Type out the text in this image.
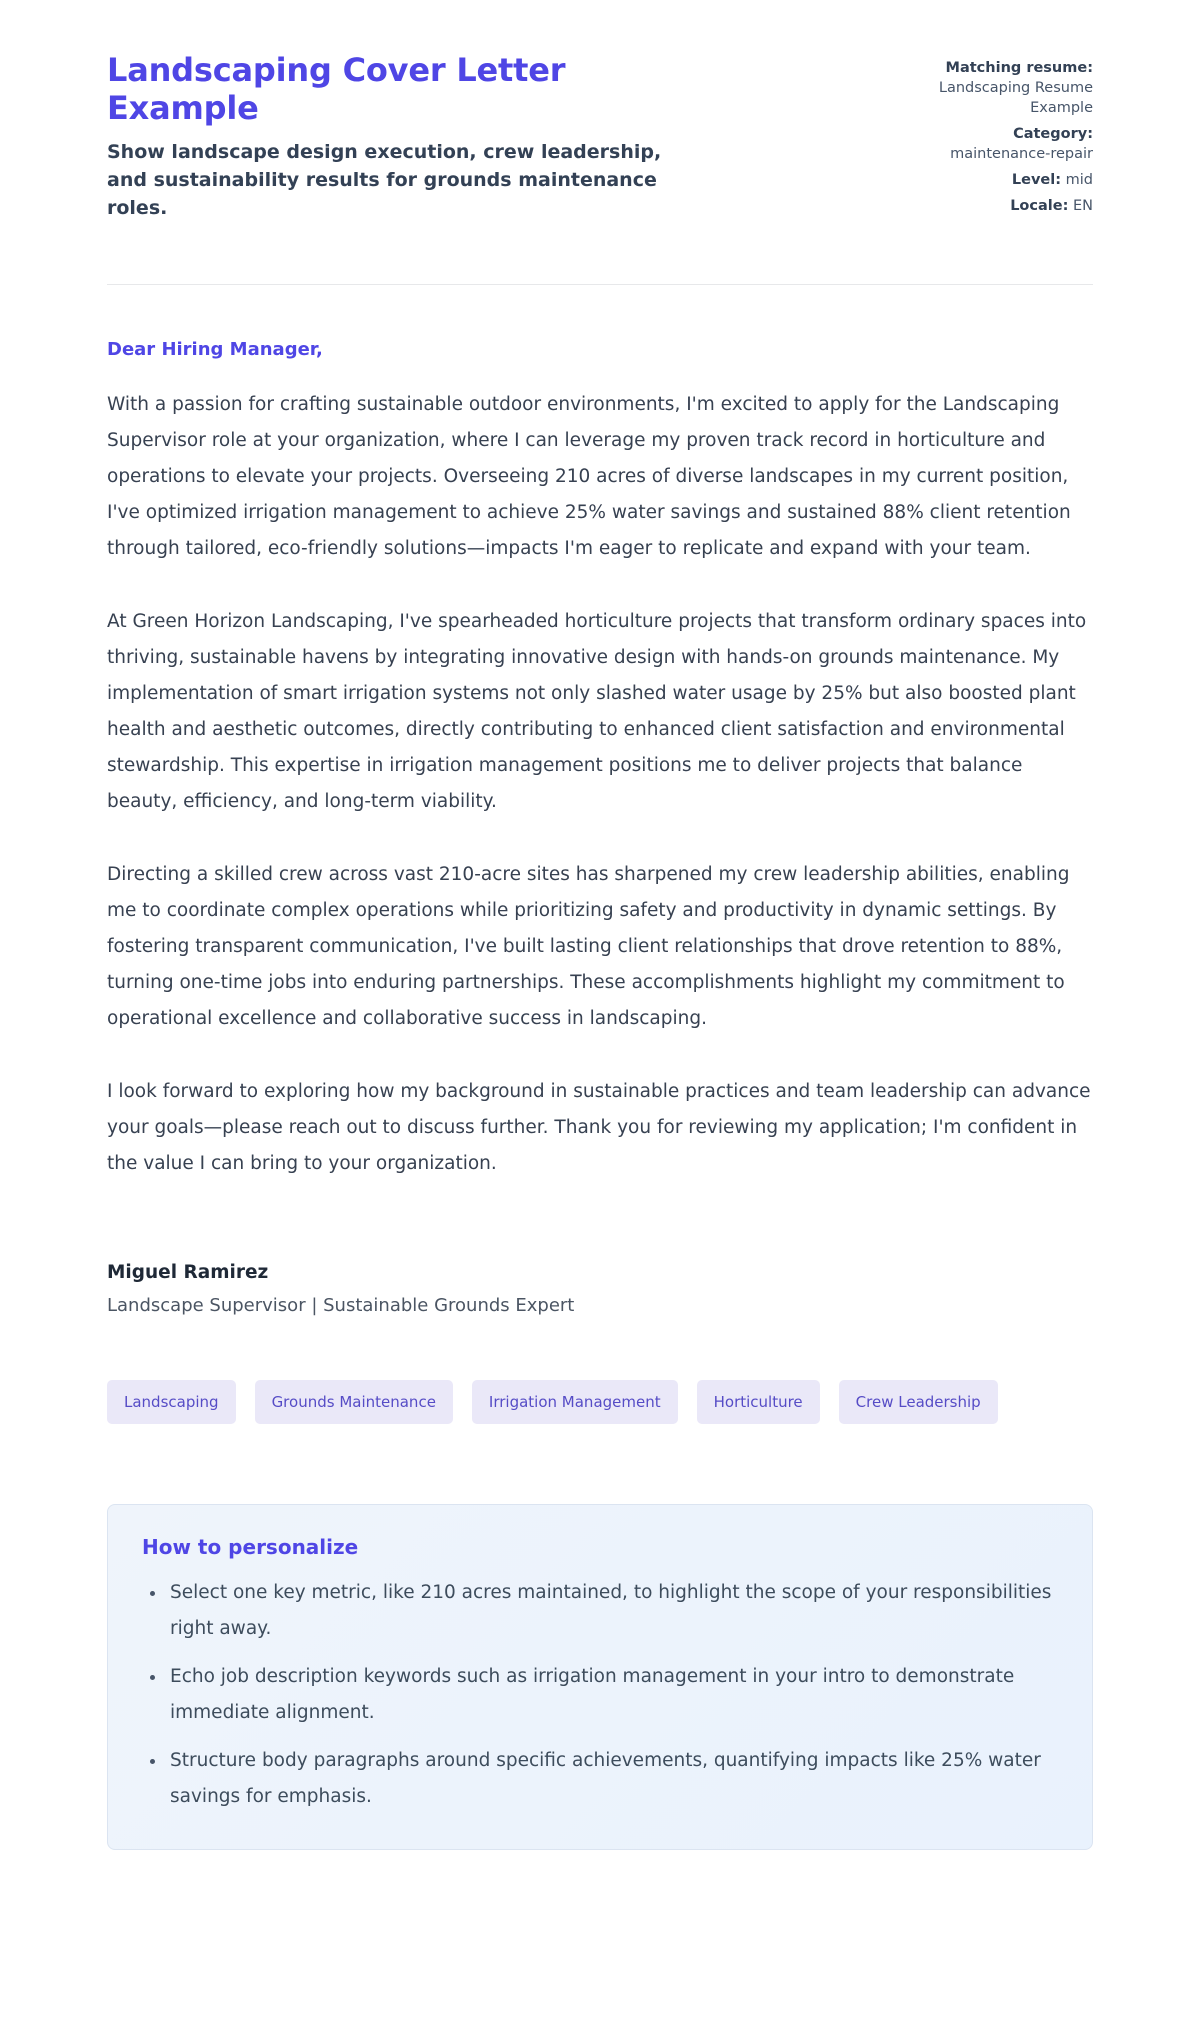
Landscaping Cover Letter Example

Show landscape design execution, crew leadership, and sustainability results for grounds maintenance roles.

Matching resume:
Landscaping Resume Example
Category:
maintenance-repair
Level: mid
Locale: EN

Dear Hiring Manager,

With a passion for crafting sustainable outdoor environments, I'm excited to apply for the Landscaping Supervisor role at your organization, where I can leverage my proven track record in horticulture and operations to elevate your projects. Overseeing 210 acres of diverse landscapes in my current position, I've optimized irrigation management to achieve 25% water savings and sustained 88% client retention through tailored, eco-friendly solutions—impacts I'm eager to replicate and expand with your team.

At Green Horizon Landscaping, I've spearheaded horticulture projects that transform ordinary spaces into thriving, sustainable havens by integrating innovative design with hands-on grounds maintenance. My implementation of smart irrigation systems not only slashed water usage by 25% but also boosted plant health and aesthetic outcomes, directly contributing to enhanced client satisfaction and environmental stewardship. This expertise in irrigation management positions me to deliver projects that balance beauty, efficiency, and long-term viability.

Directing a skilled crew across vast 210-acre sites has sharpened my crew leadership abilities, enabling me to coordinate complex operations while prioritizing safety and productivity in dynamic settings. By fostering transparent communication, I've built lasting client relationships that drove retention to 88%, turning one-time jobs into enduring partnerships. These accomplishments highlight my commitment to operational excellence and collaborative success in landscaping.

I look forward to exploring how my background in sustainable practices and team leadership can advance your goals—please reach out to discuss further. Thank you for reviewing my application; I'm confident in the value I can bring to your organization.

Miguel Ramirez

Landscape Supervisor | Sustainable Grounds Expert

Landscaping	Grounds Maintenance	Irrigation Management	Horticulture	Crew Leadership
How to personalize
• Select one key metric, like 210 acres maintained, to highlight the scope of your responsibilities right away.
• Echo job description keywords such as irrigation management in your intro to demonstrate immediate alignment.
• Structure body paragraphs around specific achievements, quantifying impacts like 25% water savings for emphasis.
